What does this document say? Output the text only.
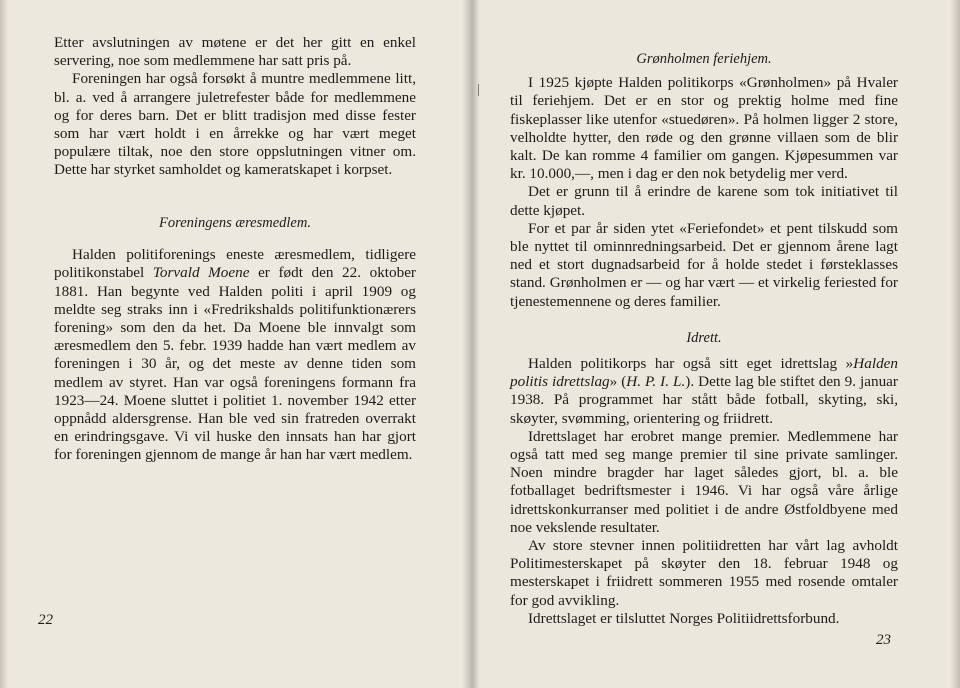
Etter avslutningen av møtene er det her gitt en enkel servering, noe som medlemmene har satt pris på.

Foreningen har også forsøkt å muntre medlemmene litt, bl. a. ved å arrangere juletrefester både for medlemmene og for deres barn. Det er blitt tradisjon med disse fester som har vært holdt i en årrekke og har vært meget populære tiltak, noe den store oppslutningen vitner om. Dette har styrket samholdet og kameratskapet i korpset.

Foreningens æresmedlem.

Halden politiforenings eneste æresmedlem, tidligere politikonstabel Torvald Moene er født den 22. oktober 1881. Han begynte ved Halden politi i april 1909 og meldte seg straks inn i «Fredrikshalds politifunktionærers forening» som den da het. Da Moene ble innvalgt som æresmedlem den 5. febr. 1939 hadde han vært medlem av foreningen i 30 år, og det meste av denne tiden som medlem av styret. Han var også foreningens formann fra 1923—24. Moene sluttet i politiet 1. november 1942 etter oppnådd aldersgrense. Han ble ved sin fratreden overrakt en erindringsgave. Vi vil huske den innsats han har gjort for foreningen gjennom de mange år han har vært medlem.

22
Grønholmen feriehjem.

I 1925 kjøpte Halden politikorps «Grønholmen» på Hvaler til feriehjem. Det er en stor og prektig holme med fine fiskeplasser like utenfor «stuedøren». På holmen ligger 2 store, velholdte hytter, den røde og den grønne villaen som de blir kalt. De kan romme 4 familier om gangen. Kjøpesummen var kr. 10.000,—, men i dag er den nok betydelig mer verd.

Det er grunn til å erindre de karene som tok initiativet til dette kjøpet.

For et par år siden ytet «Feriefondet» et pent tilskudd som ble nyttet til ominnredningsarbeid. Det er gjennom årene lagt ned et stort dugnadsarbeid for å holde stedet i førsteklasses stand. Grønholmen er — og har vært — et virkelig feriested for tjenestemennene og deres familier.

Idrett.

Halden politikorps har også sitt eget idrettslag »Halden politis idrettslag» (H. P. I. L.). Dette lag ble stiftet den 9. januar 1938. På programmet har stått både fotball, skyting, ski, skøyter, svømming, orientering og friidrett.

Idrettslaget har erobret mange premier. Medlemmene har også tatt med seg mange premier til sine private samlinger. Noen mindre bragder har laget således gjort, bl. a. ble fotballaget bedriftsmester i 1946. Vi har også våre årlige idrettskonkurranser med politiet i de andre Østfoldbyene med noe vekslende resultater.

Av store stevner innen politiidretten har vårt lag avholdt Politimesterskapet på skøyter den 18. februar 1948 og mesterskapet i friidrett sommeren 1955 med rosende omtaler for god avvikling.

Idrettslaget er tilsluttet Norges Politiidrettsforbund.

23
